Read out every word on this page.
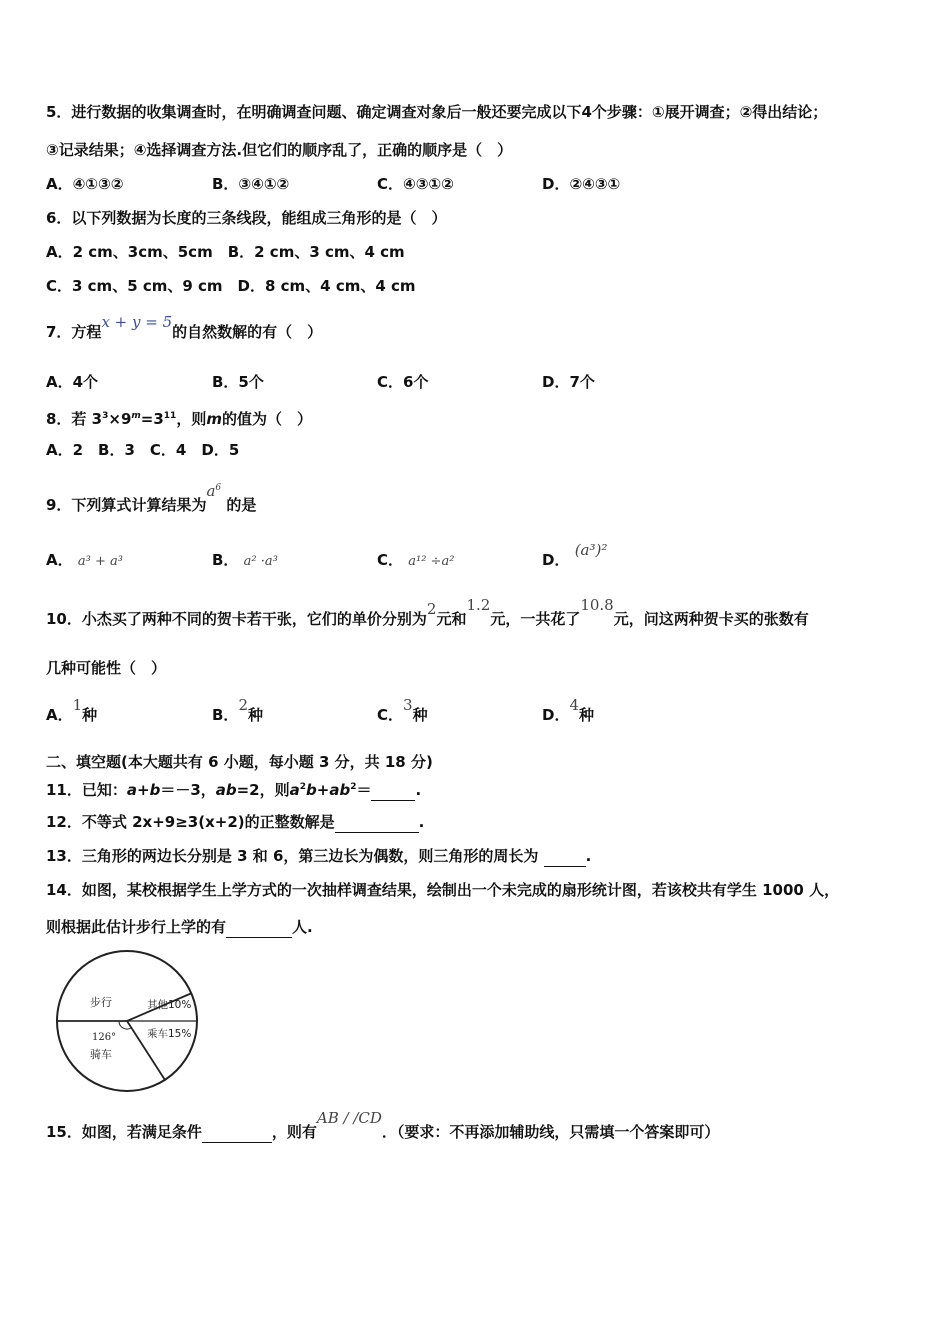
5．进行数据的收集调查时，在明确调查问题、确定调查对象后一般还要完成以下4个步骤：①展开调查；②得出结论；
③记录结果；④选择调查方法.但它们的顺序乱了，正确的顺序是（　）
A．④①③②	B．③④①②	C．④③①②	D．②④③①
6．以下列数据为长度的三条线段，能组成三角形的是（　）
A．2 cm、3cm、5cm　B．2 cm、3 cm、4 cm
C．3 cm、5 cm、9 cm　D．8 cm、4 cm、4 cm
7．方程x + y = 5的自然数解的有（　）
A．4个	B．5个	C．6个	D．7个
8．若 $3^3\times 9^m=3^{11}$，则m的值为（　）
A．2　B．3　C．4　D．5
9．下列算式计算结果为$a^6$ 的是
A． a³ + a³	B． a² ·a³	C． a¹² ÷a²	D． (a³)²
10．小杰买了两种不同的贺卡若干张，它们的单价分别为2元和1.2元，一共花了10.8元，问这两种贺卡买的张数有
几种可能性（　）
A．1种	B．2种	C．3种	D．4种
二、填空题(本大题共有 6 小题，每小题 3 分，共 18 分)
11．已知：a+b＝－3，ab=2，则$a^2b+ab^2=$	.
12．不等式 2x+9≥3(x+2)的正整数解是	.
13．三角形的两边长分别是 3 和 6，第三边长为偶数，则三角形的周长为	.
14．如图，某校根据学生上学方式的一次抽样调查结果，绘制出一个未完成的扇形统计图，若该校共有学生 1000 人，
则根据此估计步行上学的有	人.
步行	其他10%
乘车15%
126°
骑车
15．如图，若满足条件	，则有AB / /CD．（要求：不再添加辅助线，只需填一个答案即可）
